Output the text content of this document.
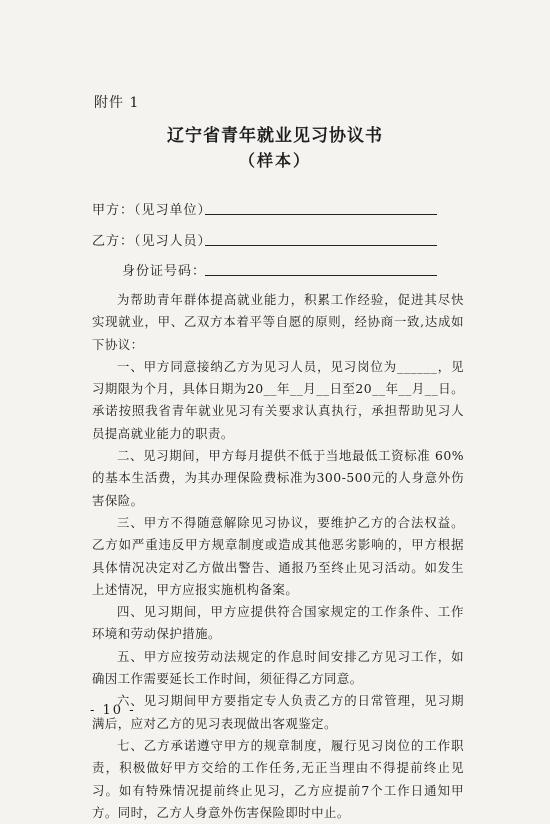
附件 1
辽宁省青年就业见习协议书
（样本）
甲方：（见习单位）
乙方：（见习人员）
身份证号码：

为帮助青年群体提高就业能力，积累工作经验，促进其尽快实现就业，甲、乙双方本着平等自愿的原则，经协商一致,达成如下协议：

一、甲方同意接纳乙方为见习人员，见习岗位为______，见习期限为个月，具体日期为20__年__月__日至20__年__月__日。承诺按照我省青年就业见习有关要求认真执行，承担帮助见习人员提高就业能力的职责。

二、见习期间，甲方每月提供不低于当地最低工资标准 60%的基本生活费，为其办理保险费标准为300-500元的人身意外伤害保险。

三、甲方不得随意解除见习协议，要维护乙方的合法权益。乙方如严重违反甲方规章制度或造成其他恶劣影响的，甲方根据具体情况决定对乙方做出警告、通报乃至终止见习活动。如发生上述情况，甲方应报实施机构备案。

四、见习期间，甲方应提供符合国家规定的工作条件、工作环境和劳动保护措施。

五、甲方应按劳动法规定的作息时间安排乙方见习工作，如确因工作需要延长工作时间，须征得乙方同意。

六、见习期间甲方要指定专人负责乙方的日常管理，见习期满后，应对乙方的见习表现做出客观鉴定。

七、乙方承诺遵守甲方的规章制度，履行见习岗位的工作职责，积极做好甲方交给的工作任务,无正当理由不得提前终止见习。如有特殊情况提前终止见习，乙方应提前7个工作日通知甲方。同时，乙方人身意外伤害保险即时中止。

- 10 -
